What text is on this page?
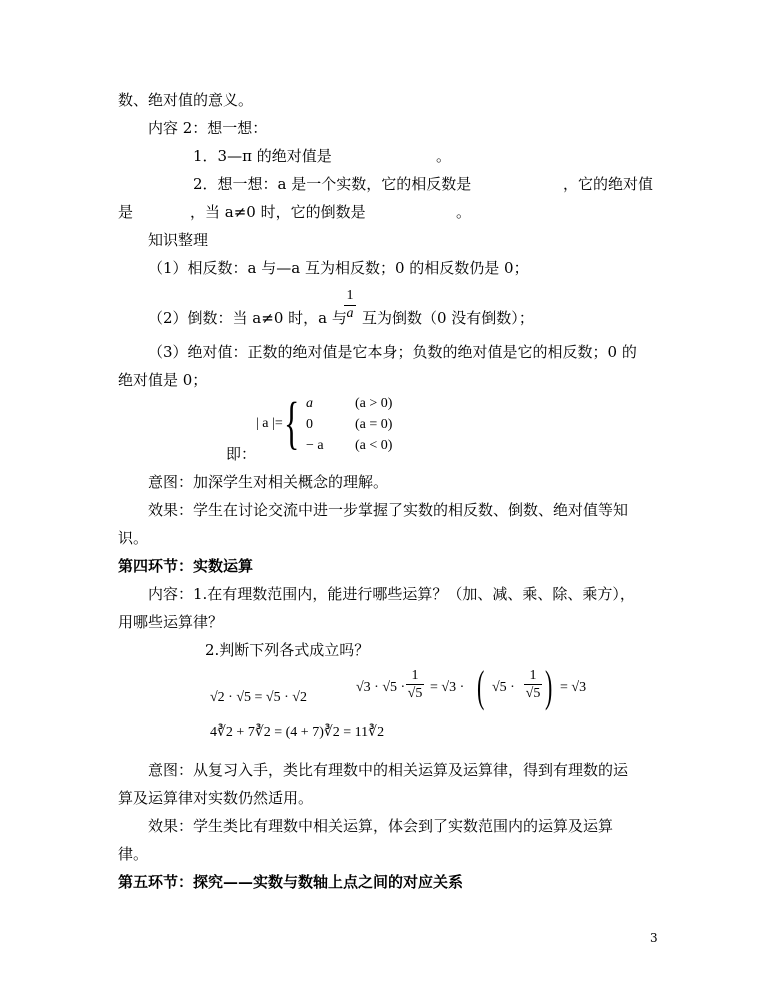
数、绝对值的意义。
内容 2：想一想：
1．3—π 的绝对值是	。
2．想一想：a 是一个实数，它的相反数是	，它的绝对值
是	，当 a≠0 时，它的倒数是	。
知识整理
（1）相反数：a 与—a 互为相反数；0 的相反数仍是 0；
1
a
（2）倒数：当 a≠0 时，a 与 互为倒数（0 没有倒数）；
（3）绝对值：正数的绝对值是它本身；负数的绝对值是它的相反数；0 的
绝对值是 0；
| a |= { a	(a > 0)
0	(a = 0)
− a (a < 0)
即：
意图：加深学生对相关概念的理解。
效果：学生在讨论交流中进一步掌握了实数的相反数、倒数、绝对值等知
识。
第四环节：实数运算
内容：1.在有理数范围内，能进行哪些运算？（加、减、乘、除、乘方），
用哪些运算律？
2.判断下列各式成立吗？
√2 · √5 = √5 · √2
√3 · √5 ·
1
√5 = √3 · ( √5 ·
1
√5 ) = √3
4∛2 + 7∛2 = (4 + 7)∛2 = 11∛2
意图：从复习入手，类比有理数中的相关运算及运算律，得到有理数的运
算及运算律对实数仍然适用。
效果：学生类比有理数中相关运算，体会到了实数范围内的运算及运算
律。
第五环节：探究——实数与数轴上点之间的对应关系
3
